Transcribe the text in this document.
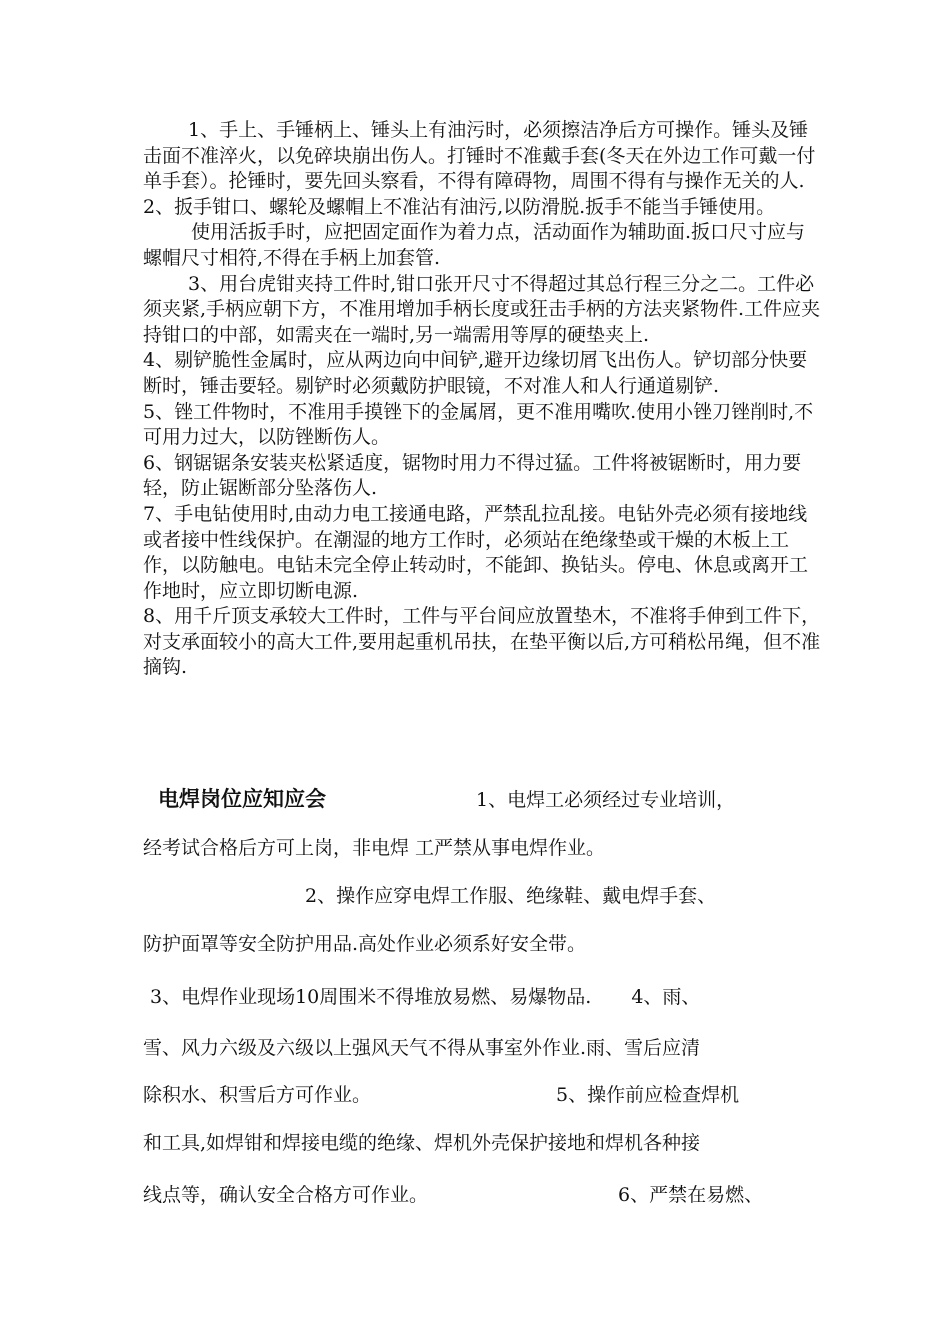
1、手上、手锤柄上、锤头上有油污时，必须擦洁净后方可操作。锤头及锤击面不准淬火，以免碎块崩出伤人。打锤时不准戴手套(冬天在外边工作可戴一付单手套）。抡锤时，要先回头察看，不得有障碍物，周围不得有与操作无关的人.

2、扳手钳口、螺轮及螺帽上不准沾有油污,以防滑脱.扳手不能当手锤使用。

使用活扳手时，应把固定面作为着力点，活动面作为辅助面.扳口尺寸应与螺帽尺寸相符,不得在手柄上加套管.

3、用台虎钳夹持工件时,钳口张开尺寸不得超过其总行程三分之二。工件必须夹紧,手柄应朝下方，不准用增加手柄长度或狂击手柄的方法夹紧物件.工件应夹持钳口的中部，如需夹在一端时,另一端需用等厚的硬垫夹上.

4、剔铲脆性金属时，应从两边向中间铲,避开边缘切屑飞出伤人。铲切部分快要断时，锤击要轻。剔铲时必须戴防护眼镜，不对准人和人行通道剔铲.

5、锉工件物时，不准用手摸锉下的金属屑，更不准用嘴吹.使用小锉刀锉削时,不可用力过大，以防锉断伤人。

6、钢锯锯条安装夹松紧适度，锯物时用力不得过猛。工件将被锯断时，用力要轻，防止锯断部分坠落伤人.

7、手电钻使用时,由动力电工接通电路，严禁乱拉乱接。电钻外壳必须有接地线或者接中性线保护。在潮湿的地方工作时，必须站在绝缘垫或干燥的木板上工作，以防触电。电钻未完全停止转动时，不能卸、换钻头。停电、休息或离开工作地时，应立即切断电源.

8、用千斤顶支承较大工件时，工件与平台间应放置垫木，不准将手伸到工件下，对支承面较小的高大工件,要用起重机吊扶，在垫平衡以后,方可稍松吊绳，但不准摘钩.

电焊岗位应知应会	1、电焊工必须经过专业培训，
经考试合格后方可上岗，非电焊 工严禁从事电焊作业。
2、操作应穿电焊工作服、绝缘鞋、戴电焊手套、
防护面罩等安全防护用品.高处作业必须系好安全带。
3、电焊作业现场10周围米不得堆放易燃、易爆物品. 4、雨、
雪、风力六级及六级以上强风天气不得从事室外作业.雨、雪后应清
除积水、积雪后方可作业。	5、操作前应检查焊机
和工具,如焊钳和焊接电缆的绝缘、焊机外壳保护接地和焊机各种接
线点等，确认安全合格方可作业。	6、严禁在易燃、
